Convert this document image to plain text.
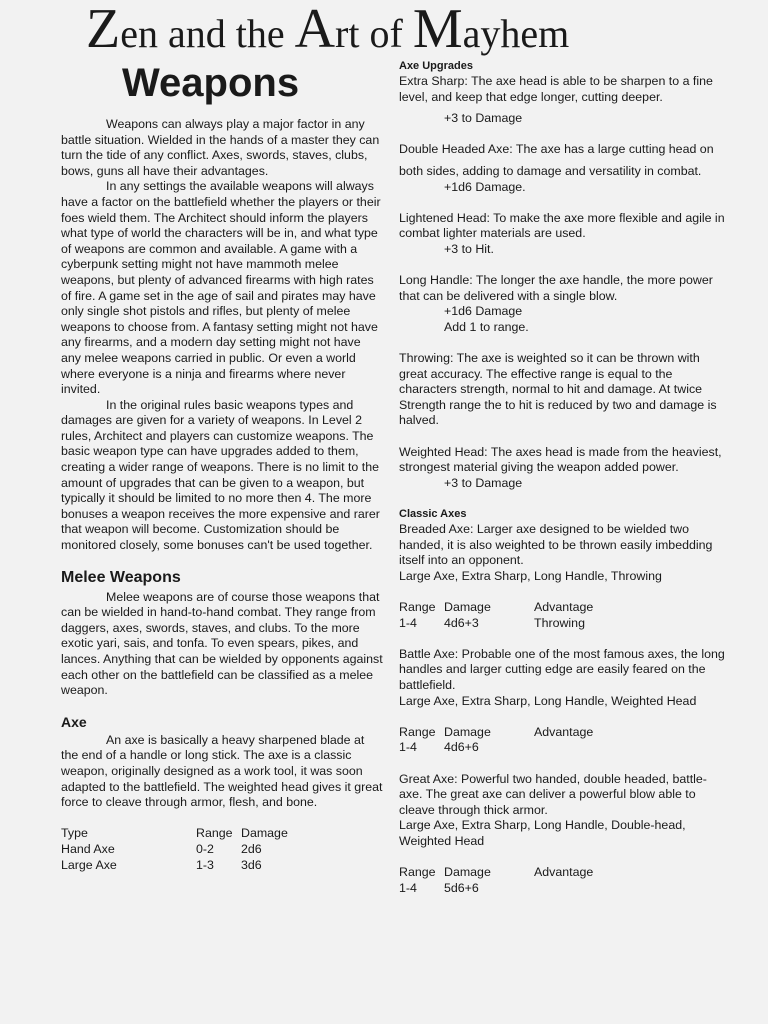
Zen and the Art of Mayhem
Weapons

Weapons can always play a major factor in any battle situation. Wielded in the hands of a master they can turn the tide of any conflict. Axes, swords, staves, clubs, bows, guns all have their advantages.

In any settings the available weapons will always have a factor on the battlefield whether the players or their foes wield them. The Architect should inform the players what type of world the characters will be in, and what type of weapons are common and available. A game with a cyberpunk setting might not have mammoth melee weapons, but plenty of advanced firearms with high rates of fire. A game set in the age of sail and pirates may have only single shot pistols and rifles, but plenty of melee weapons to choose from. A fantasy setting might not have any firearms, and a modern day setting might not have any melee weapons carried in public. Or even a world where everyone is a ninja and firearms where never invited.

In the original rules basic weapons types and damages are given for a variety of weapons. In Level 2 rules, Architect and players can customize weapons. The basic weapon type can have upgrades added to them, creating a wider range of weapons. There is no limit to the amount of upgrades that can be given to a weapon, but typically it should be limited to no more then 4. The more bonuses a weapon receives the more expensive and rarer that weapon will become. Customization should be monitored closely, some bonuses can't be used together.

Melee Weapons

Melee weapons are of course those weapons that can be wielded in hand-to-hand combat. They range from daggers, axes, swords, staves, and clubs. To the more exotic yari, sais, and tonfa. To even spears, pikes, and lances. Anything that can be wielded by opponents against each other on the battlefield can be classified as a melee weapon.

Axe

An axe is basically a heavy sharpened blade at the end of a handle or long stick. The axe is a classic weapon, originally designed as a work tool, it was soon adapted to the battlefield. The weighted head gives it great force to cleave through armor, flesh, and bone.

Type	Range Damage
Hand Axe	0-2	2d6
Large Axe	1-3	3d6
Axe Upgrades

Extra Sharp: The axe head is able to be sharpen to a fine level, and keep that edge longer, cutting deeper.

+3 to Damage

Double Headed Axe: The axe has a large cutting head on

both sides, adding to damage and versatility in combat.

+1d6 Damage.

Lightened Head: To make the axe more flexible and agile in combat lighter materials are used.

+3 to Hit.

Long Handle: The longer the axe handle, the more power that can be delivered with a single blow.

+1d6 Damage

Add 1 to range.

Throwing: The axe is weighted so it can be thrown with great accuracy. The effective range is equal to the characters strength, normal to hit and damage. At twice Strength range the to hit is reduced by two and damage is halved.

Weighted Head: The axes head is made from the heaviest, strongest material giving the weapon added power.

+3 to Damage

Classic Axes

Breaded Axe: Larger axe designed to be wielded two handed, it is also weighted to be thrown easily imbedding itself into an opponent.

Large Axe, Extra Sharp, Long Handle, Throwing

Range Damage	Advantage
1-4	4d6+3	Throwing

Battle Axe: Probable one of the most famous axes, the long handles and larger cutting edge are easily feared on the battlefield.

Large Axe, Extra Sharp, Long Handle, Weighted Head

Range Damage	Advantage
1-4	4d6+6

Great Axe: Powerful two handed, double headed, battle-axe. The great axe can deliver a powerful blow able to cleave through thick armor.

Large Axe, Extra Sharp, Long Handle, Double-head, Weighted Head

Range Damage	Advantage
1-4	5d6+6
